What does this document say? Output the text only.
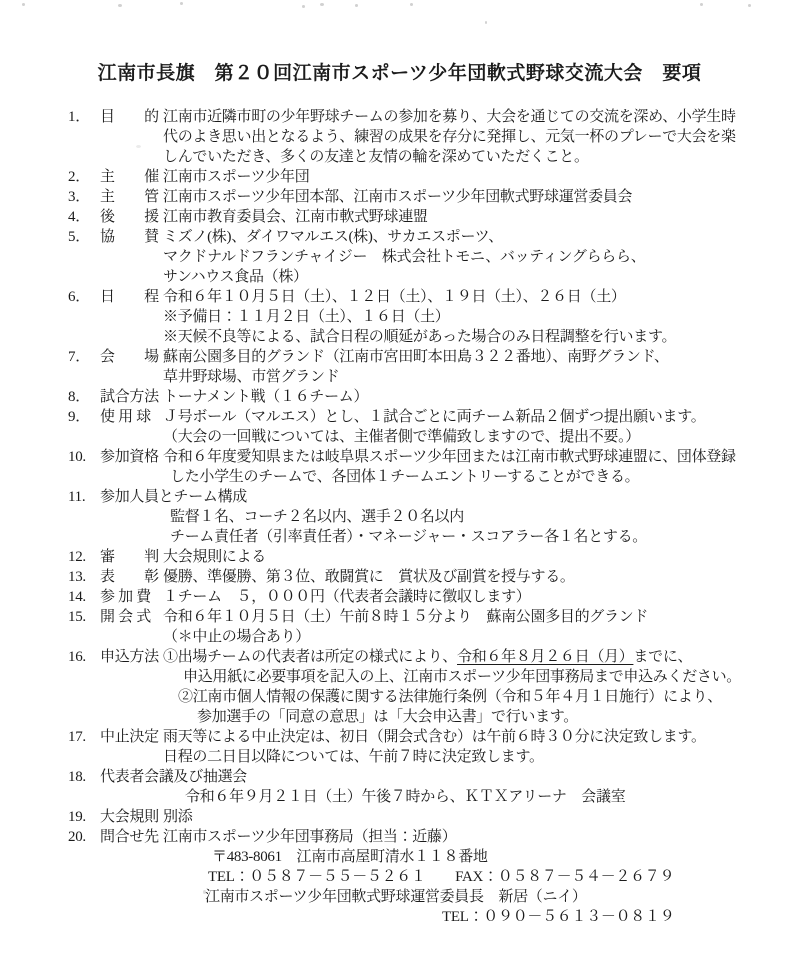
江南市長旗　第２０回江南市スポーツ少年団軟式野球交流大会　要項
1． 目　　的 江南市近隣市町の少年野球チームの参加を募り、大会を通じての交流を深め、小学生時
代のよき思い出となるよう、練習の成果を存分に発揮し、元気一杯のプレーで大会を楽
しんでいただき、多くの友達と友情の輪を深めていただくこと。
2． 主　　催 江南市スポーツ少年団
3． 主　　管 江南市スポーツ少年団本部、江南市スポーツ少年団軟式野球運営委員会
4． 後　　援 江南市教育委員会、江南市軟式野球連盟
5． 協　　賛 ミズノ(株)、ダイワマルエス(株)、サカエスポーツ、
マクドナルドフランチャイジー　株式会社トモニ、バッティングららら、
サンハウス食品（株）
6． 日　　程 令和６年１０月５日（土）、１２日（土）、１９日（土）、２６日（土）
※予備日：１１月２日（土）、１６日（土）
※天候不良等による、試合日程の順延があった場合のみ日程調整を行います。
7． 会　　場 蘇南公園多目的グランド（江南市宮田町本田島３２２番地）、南野グランド、
草井野球場、市営グランド
8． 試合方法 トーナメント戦（１６チーム）
9． 使 用 球 Ｊ号ボール（マルエス）とし、１試合ごとに両チーム新品２個ずつ提出願います。
（大会の一回戦については、主催者側で準備致しますので、提出不要。）
10. 参加資格 令和６年度愛知県または岐阜県スポーツ少年団または江南市軟式野球連盟に、団体登録
した小学生のチームで、各団体１チームエントリーすることができる。
11. 参加人員とチーム構成
監督１名、コーチ２名以内、選手２０名以内
チーム責任者（引率責任者）・マネージャー・スコアラー各１名とする。
12. 審　　判 大会規則による
13. 表　　彰 優勝、準優勝、第３位、敢闘賞に　賞状及び副賞を授与する。
14. 参 加 費 １チーム　５，０００円（代表者会議時に徴収します）
15. 開 会 式 令和６年１０月５日（土）午前８時１５分より　蘇南公園多目的グランド
（＊中止の場合あり）
16. 申込方法 ①出場チームの代表者は所定の様式により、令和６年８月２６日（月）までに、
申込用紙に必要事項を記入の上、江南市スポーツ少年団事務局まで申込みください。
②江南市個人情報の保護に関する法律施行条例（令和５年４月１日施行）により、
参加選手の「同意の意思」は「大会申込書」で行います。
17. 中止決定 雨天等による中止決定は、初日（開会式含む）は午前６時３０分に決定致します。
日程の二日目以降については、午前７時に決定致します。
18. 代表者会議及び抽選会
令和６年９月２１日（土）午後７時から、ＫＴＸアリーナ　会議室
19. 大会規則 別添
20. 問合せ先 江南市スポーツ少年団事務局（担当：近藤）
〒483-8061　江南市高屋町清水１１８番地
TEL：０５８７－５５－５２６１　　FAX：０５８７－５４－２６７９
江南市スポーツ少年団軟式野球運営委員長　新居（ニイ）
TEL：０９０－５６１３－０８１９
